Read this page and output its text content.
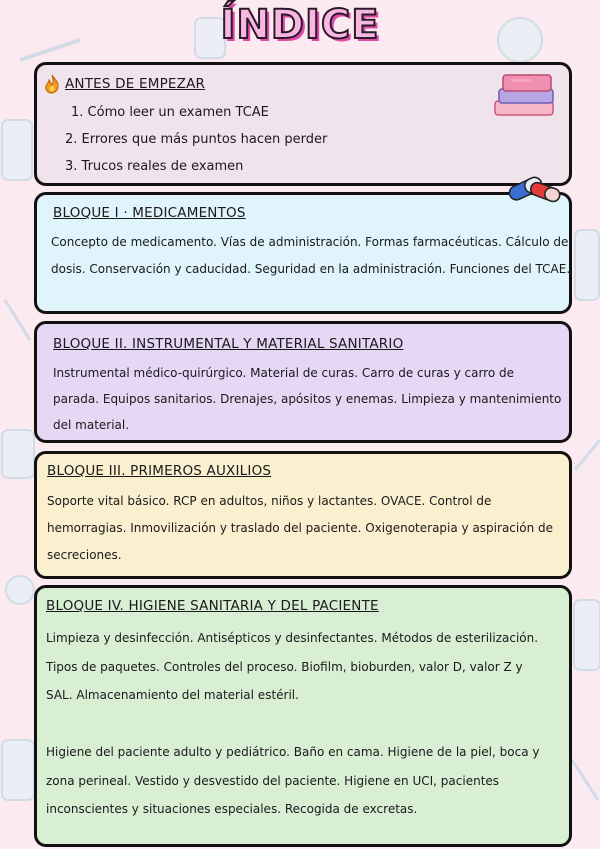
ÍNDICE
ANTES DE EMPEZAR
1. Cómo leer un examen TCAE
2. Errores que más puntos hacen perder
3. Trucos reales de examen
BLOQUE I · MEDICAMENTOS

Concepto de medicamento. Vías de administración. Formas farmacéuticas. Cálculo de

dosis. Conservación y caducidad. Seguridad en la administración. Funciones del TCAE.

BLOQUE II. INSTRUMENTAL Y MATERIAL SANITARIO

Instrumental médico-quirúrgico. Material de curas. Carro de curas y carro de

parada. Equipos sanitarios. Drenajes, apósitos y enemas. Limpieza y mantenimiento

del material.

BLOQUE III. PRIMEROS AUXILIOS

Soporte vital básico. RCP en adultos, niños y lactantes. OVACE. Control de

hemorragias. Inmovilización y traslado del paciente. Oxigenoterapia y aspiración de

secreciones.

BLOQUE IV. HIGIENE SANITARIA Y DEL PACIENTE

Limpieza y desinfección. Antisépticos y desinfectantes. Métodos de esterilización.

Tipos de paquetes. Controles del proceso. Biofilm, bioburden, valor D, valor Z y

SAL. Almacenamiento del material estéril.

Higiene del paciente adulto y pediátrico. Baño en cama. Higiene de la piel, boca y

zona perineal. Vestido y desvestido del paciente. Higiene en UCI, pacientes

inconscientes y situaciones especiales. Recogida de excretas.
